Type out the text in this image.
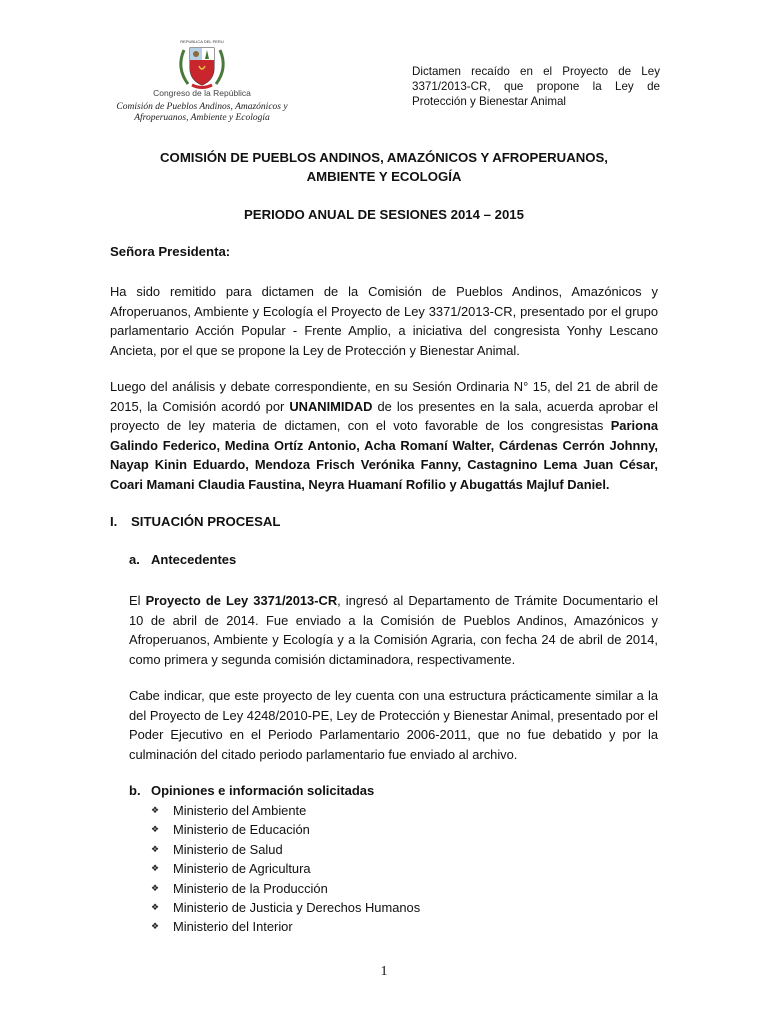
REPUBLICA DEL PERU
Congreso de la República
Comisión de Pueblos Andinos, Amazónicos y
Afroperuanos, Ambiente y Ecología
Dictamen recaído en el Proyecto de Ley 3371/2013-CR, que propone la Ley de Protección y Bienestar Animal
COMISIÓN DE PUEBLOS ANDINOS, AMAZÓNICOS Y AFROPERUANOS,
AMBIENTE Y ECOLOGÍA
PERIODO ANUAL DE SESIONES 2014 – 2015
Señora Presidenta:
Ha sido remitido para dictamen de la Comisión de Pueblos Andinos, Amazónicos y Afroperuanos, Ambiente y Ecología el Proyecto de Ley 3371/2013-CR, presentado por el grupo parlamentario Acción Popular - Frente Amplio, a iniciativa del congresista Yonhy Lescano Ancieta, por el que se propone la Ley de Protección y Bienestar Animal.
Luego del análisis y debate correspondiente, en su Sesión Ordinaria N° 15, del 21 de abril de 2015, la Comisión acordó por UNANIMIDAD de los presentes en la sala, acuerda aprobar el proyecto de ley materia de dictamen, con el voto favorable de los congresistas Pariona Galindo Federico, Medina Ortíz Antonio, Acha Romaní Walter, Cárdenas Cerrón Johnny, Nayap Kinin Eduardo, Mendoza Frisch Verónika Fanny, Castagnino Lema Juan César, Coari Mamani Claudia Faustina, Neyra Huamaní Rofilio y Abugattás Majluf Daniel.
I. SITUACIÓN PROCESAL
a. Antecedentes
El Proyecto de Ley 3371/2013-CR, ingresó al Departamento de Trámite Documentario el 10 de abril de 2014. Fue enviado a la Comisión de Pueblos Andinos, Amazónicos y Afroperuanos, Ambiente y Ecología y a la Comisión Agraria, con fecha 24 de abril de 2014, como primera y segunda comisión dictaminadora, respectivamente.
Cabe indicar, que este proyecto de ley cuenta con una estructura prácticamente similar a la del Proyecto de Ley 4248/2010-PE, Ley de Protección y Bienestar Animal, presentado por el Poder Ejecutivo en el Periodo Parlamentario 2006-2011, que no fue debatido y por la culminación del citado periodo parlamentario fue enviado al archivo.
b. Opiniones e información solicitadas
❖	Ministerio del Ambiente
❖	Ministerio de Educación
❖	Ministerio de Salud
❖	Ministerio de Agricultura
❖	Ministerio de la Producción
❖	Ministerio de Justicia y Derechos Humanos
❖	Ministerio del Interior
1
